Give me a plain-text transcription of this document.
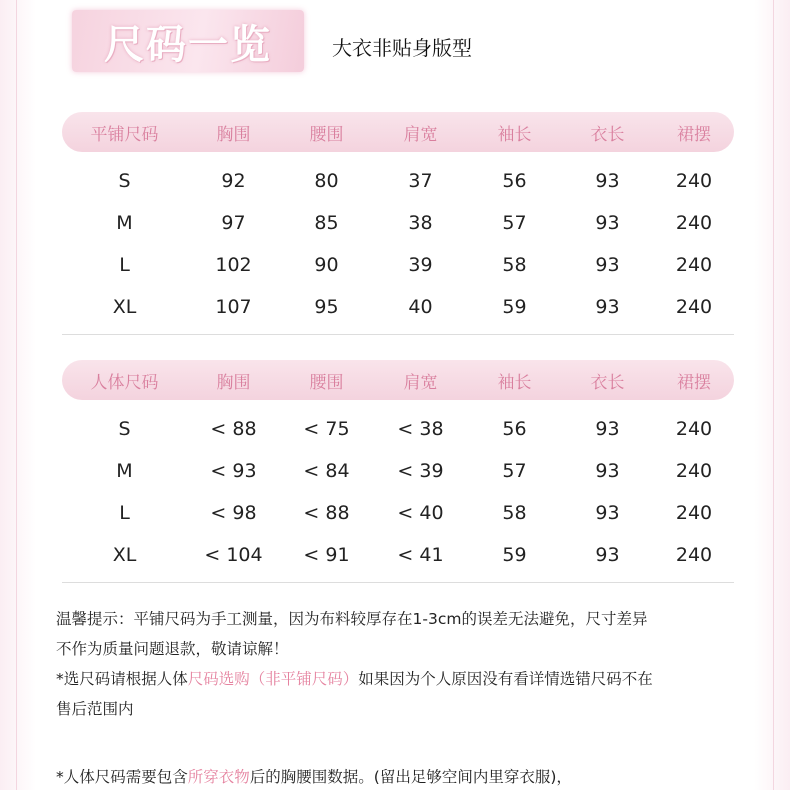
尺码一览	大衣非贴身版型
平铺尺码	胸围	腰围	肩宽	袖长	衣长	裙摆
S	92	80	37	56	93	240
M	97	85	38	57	93	240
L	102	90	39	58	93	240
XL	107	95	40	59	93	240
人体尺码	胸围	腰围	肩宽	袖长	衣长	裙摆
S	< 88	< 75	< 38	56	93	240
M	< 93	< 84	< 39	57	93	240
L	< 98	< 88	< 40	58	93	240
XL	< 104	< 91	< 41	59	93	240
温馨提示：平铺尺码为手工测量，因为布料较厚存在1-3cm的误差无法避免，尺寸差异
不作为质量问题退款，敬请谅解！
*选尺码请根据人体尺码选购（非平铺尺码）如果因为个人原因没有看详情选错尺码不在
售后范围内
*人体尺码需要包含所穿衣物后的胸腰围数据。(留出足够空间内里穿衣服)，
